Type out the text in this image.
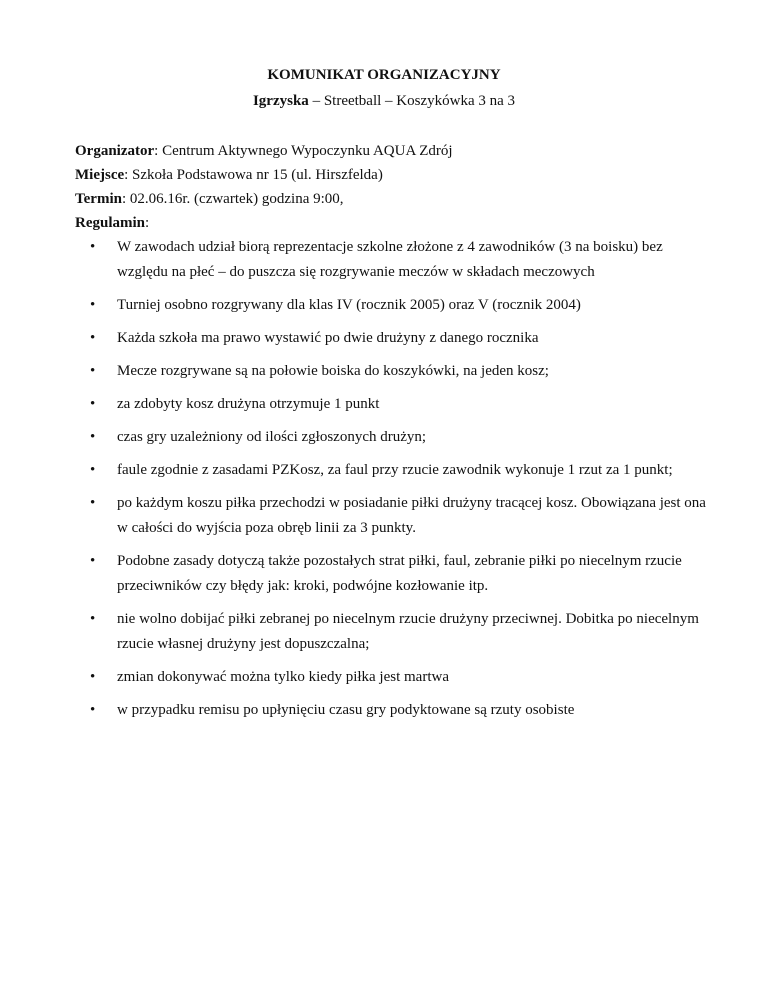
KOMUNIKAT ORGANIZACYJNY
Igrzyska – Streetball – Koszykówka 3 na 3
Organizator: Centrum Aktywnego Wypoczynku AQUA Zdrój
Miejsce: Szkoła Podstawowa nr 15 (ul. Hirszfelda)
Termin: 02.06.16r. (czwartek) godzina 9:00,
Regulamin:
• W zawodach udział biorą reprezentacje szkolne złożone z 4 zawodników (3 na boisku) bez względu na płeć – do puszcza się rozgrywanie meczów w składach meczowych
• Turniej osobno rozgrywany dla klas IV (rocznik 2005) oraz V (rocznik 2004)
• Każda szkoła ma prawo wystawić po dwie drużyny z danego rocznika
• Mecze rozgrywane są na połowie boiska do koszykówki, na jeden kosz;
• za zdobyty kosz drużyna otrzymuje 1 punkt
• czas gry uzależniony od ilości zgłoszonych drużyn;
• faule zgodnie z zasadami PZKosz, za faul przy rzucie zawodnik wykonuje 1 rzut za 1 punkt;
• po każdym koszu piłka przechodzi w posiadanie piłki drużyny tracącej kosz. Obowiązana jest ona w całości do wyjścia poza obręb linii za 3 punkty.
• Podobne zasady dotyczą także pozostałych strat piłki, faul, zebranie piłki po niecelnym rzucie przeciwników czy błędy jak: kroki, podwójne kozłowanie itp.
• nie wolno dobijać piłki zebranej po niecelnym rzucie drużyny przeciwnej. Dobitka po niecelnym rzucie własnej drużyny jest dopuszczalna;
• zmian dokonywać można tylko kiedy piłka jest martwa
• w przypadku remisu po upłynięciu czasu gry podyktowane są rzuty osobiste
